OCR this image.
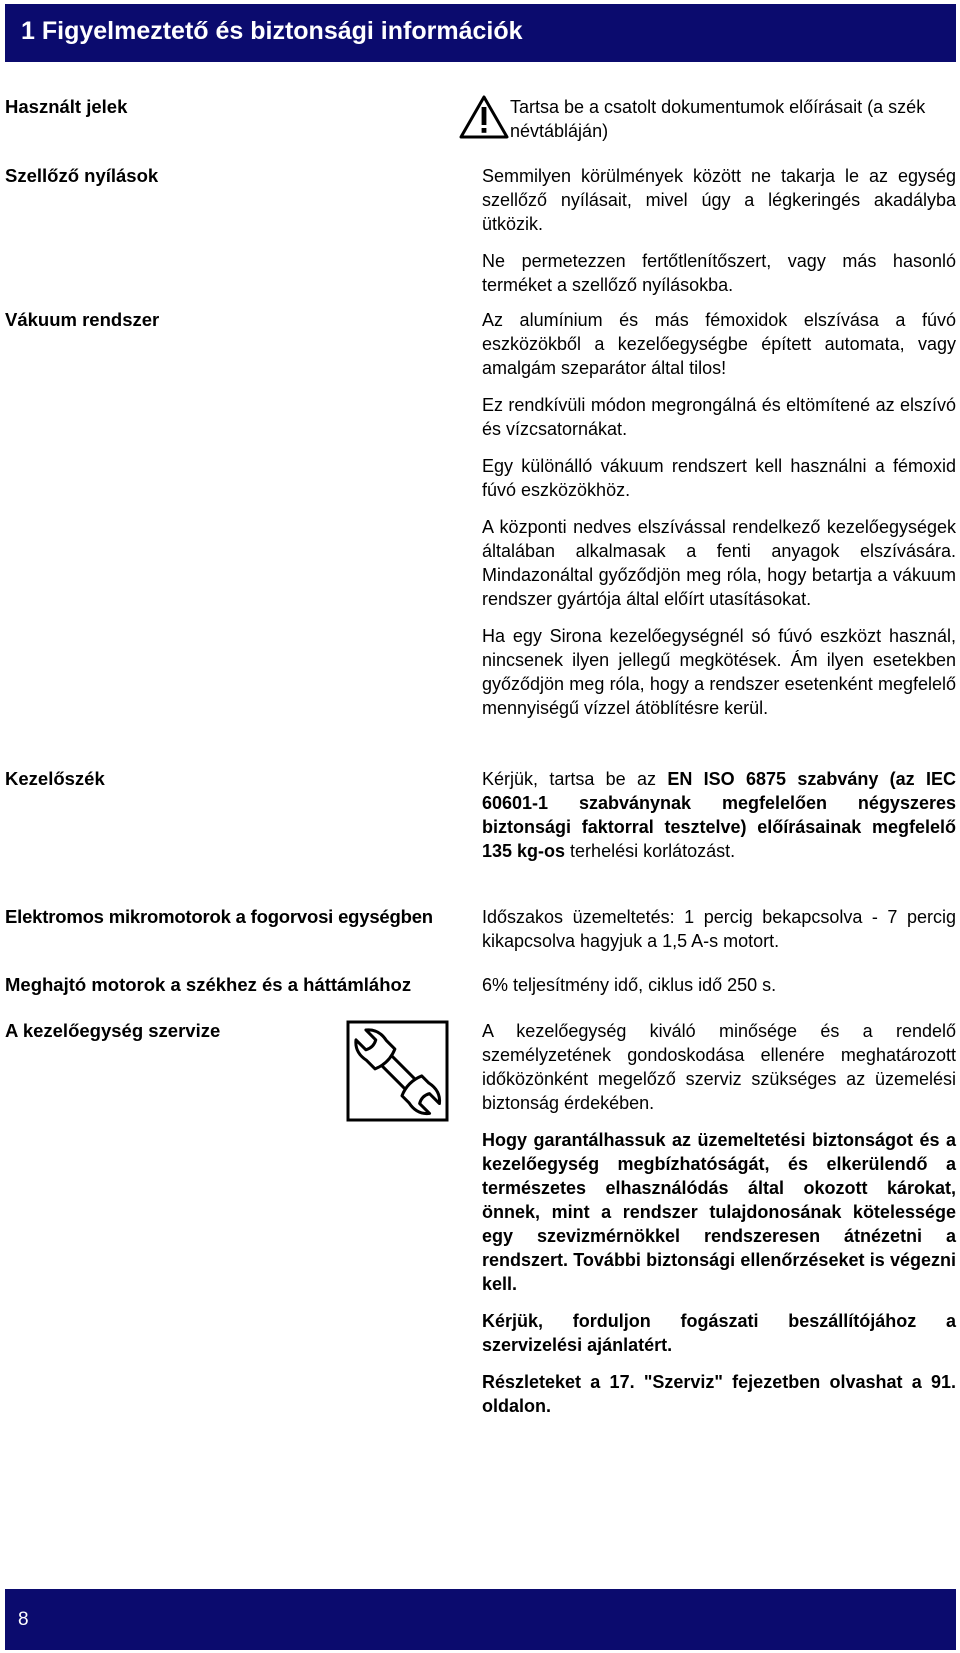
1 Figyelmeztető és biztonsági információk
Használt jelek	Tartsa be a csatolt dokumentumok előírásait (a szék névtábláján)

Szellőző nyílások	Semmilyen körülmények között ne takarja le az egység szellőző nyílásait, mivel úgy a légkeringés akadályba ütközik.

Ne permetezzen fertőtlenítőszert, vagy más hasonló terméket a szellőző nyílásokba.

Vákuum rendszer	Az alumínium és más fémoxidok elszívása a fúvó eszközökből a kezelőegységbe épített automata, vagy amalgám szeparátor által tilos!

Ez rendkívüli módon megrongálná és eltömítené az elszívó és vízcsatornákat.

Egy különálló vákuum rendszert kell használni a fémoxid fúvó eszközökhöz.

A központi nedves elszívással rendelkező kezelőegységek általában alkalmasak a fenti anyagok elszívására. Mindazonáltal győződjön meg róla, hogy betartja a vákuum rendszer gyártója által előírt utasításokat.

Ha egy Sirona kezelőegységnél só fúvó eszközt használ, nincsenek ilyen jellegű megkötések. Ám ilyen esetekben győződjön meg róla, hogy a rendszer esetenként megfelelő mennyiségű vízzel átöblítésre kerül.

Kezelőszék	Kérjük, tartsa be az EN ISO 6875 szabvány (az IEC 60601-1 szabványnak megfelelően négyszeres biztonsági faktorral tesztelve) előírásainak megfelelő 135 kg-os terhelési korlátozást.

Elektromos mikromotorok a fogorvosi egységben	Időszakos üzemeltetés: 1 percig bekapcsolva - 7 percig kikapcsolva hagyjuk a 1,5 A-s motort.

Meghajtó motorok a székhez és a háttámlához	6% teljesítmény idő, ciklus idő 250 s.

A kezelőegység szervize	A kezelőegység kiváló minősége és a rendelő személyzetének gondoskodása ellenére meghatározott időközönként megelőző szerviz szükséges az üzemelési biztonság érdekében.

Hogy garantálhassuk az üzemeltetési biztonságot és a kezelőegység megbízhatóságát, és elkerülendő a természetes elhasználódás által okozott károkat, önnek, mint a rendszer tulajdonosának kötelessége egy szevizmérnökkel rendszeresen átnézetni a rendszert. További biztonsági ellenőrzéseket is végezni kell.

Kérjük, forduljon fogászati beszállítójához a szervizelési ajánlatért.

Részleteket a 17. "Szerviz" fejezetben olvashat a 91. oldalon.

8
